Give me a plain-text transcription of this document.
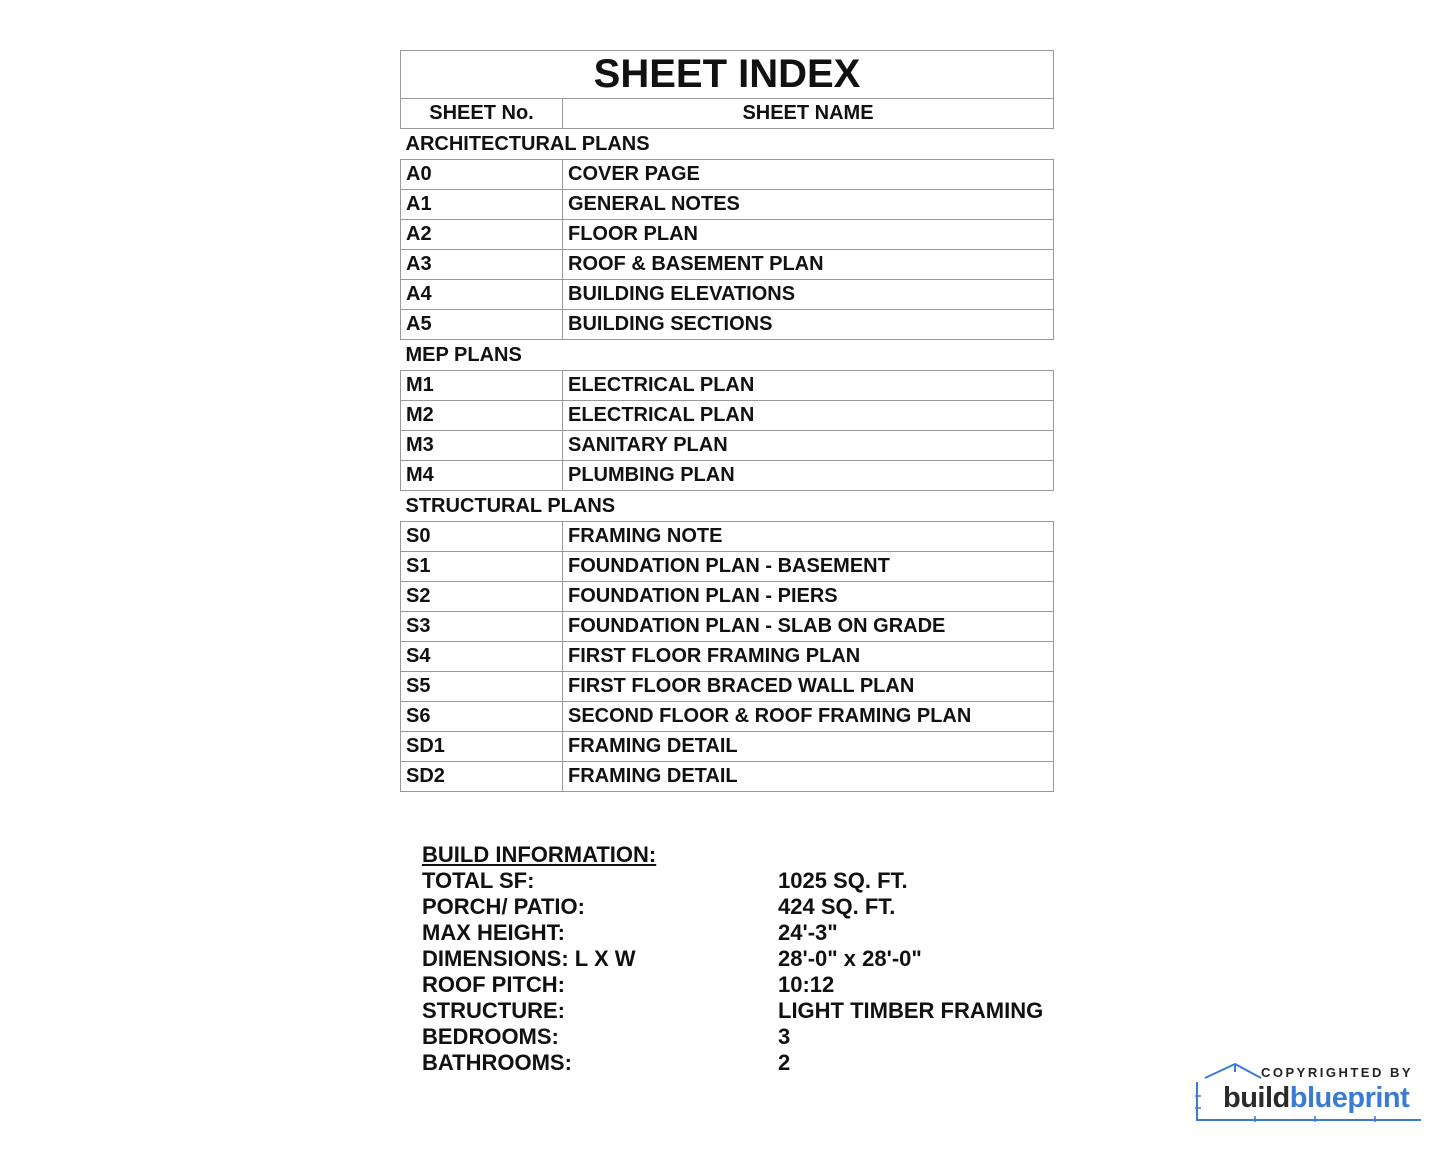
SHEET INDEX	
SHEET No.	SHEET NAME
ARCHITECTURAL PLANS	
A0	COVER PAGE
A1	GENERAL NOTES
A2	FLOOR PLAN
A3	ROOF & BASEMENT PLAN
A4	BUILDING ELEVATIONS
A5	BUILDING SECTIONS
MEP PLANS	
M1	ELECTRICAL PLAN
M2	ELECTRICAL PLAN
M3	SANITARY PLAN
M4	PLUMBING PLAN
STRUCTURAL PLANS	
S0	FRAMING NOTE
S1	FOUNDATION PLAN - BASEMENT
S2	FOUNDATION PLAN - PIERS
S3	FOUNDATION PLAN - SLAB ON GRADE
S4	FIRST FLOOR FRAMING PLAN
S5	FIRST FLOOR BRACED WALL PLAN
S6	SECOND FLOOR & ROOF FRAMING PLAN
SD1	FRAMING DETAIL
SD2	FRAMING DETAIL
BUILD INFORMATION:
TOTAL SF:	1025 SQ. FT.
PORCH/ PATIO:	424 SQ. FT.
MAX HEIGHT:	24'-3"
DIMENSIONS: L X W	28'-0" x 28'-0"
ROOF PITCH:	10:12
STRUCTURE:	LIGHT TIMBER FRAMING
BEDROOMS:	3
BATHROOMS:	2	COPYRIGHTED BY
buildblueprint
